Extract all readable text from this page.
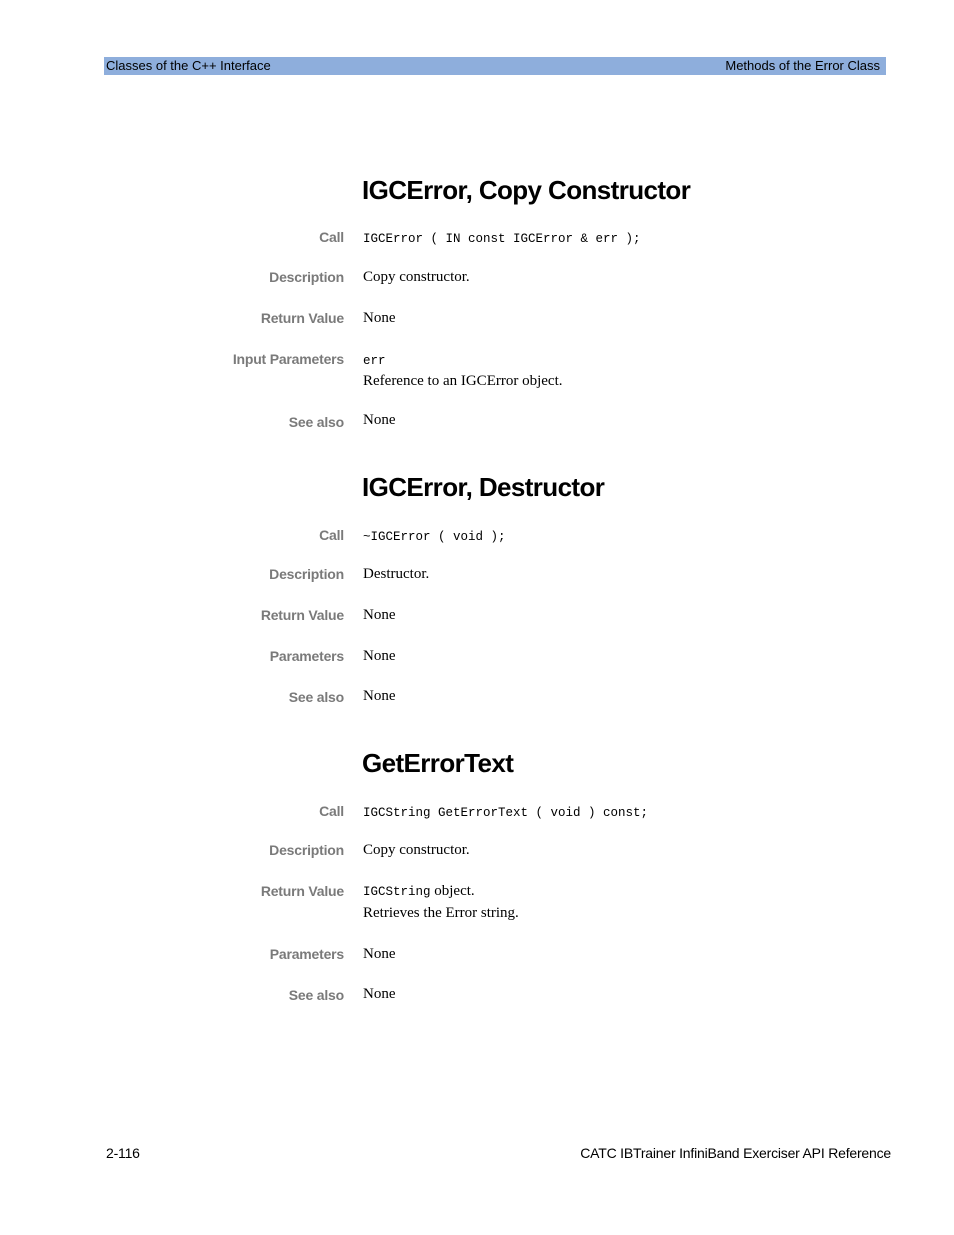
Classes of the C++ Interface	Methods of the Error Class
IGCError, Copy Constructor
Call IGCError ( IN const IGCError & err );
Description Copy constructor.
Return Value None
Input Parameters err
Reference to an IGCError object.
See also None
IGCError, Destructor
Call ~IGCError ( void );
Description Destructor.
Return Value None
Parameters None
See also None
GetErrorText
Call IGCString GetErrorText ( void ) const;
Description Copy constructor.
Return Value IGCString object.
Retrieves the Error string.
Parameters None
See also None
2-116	CATC IBTrainer InfiniBand Exerciser API Reference
